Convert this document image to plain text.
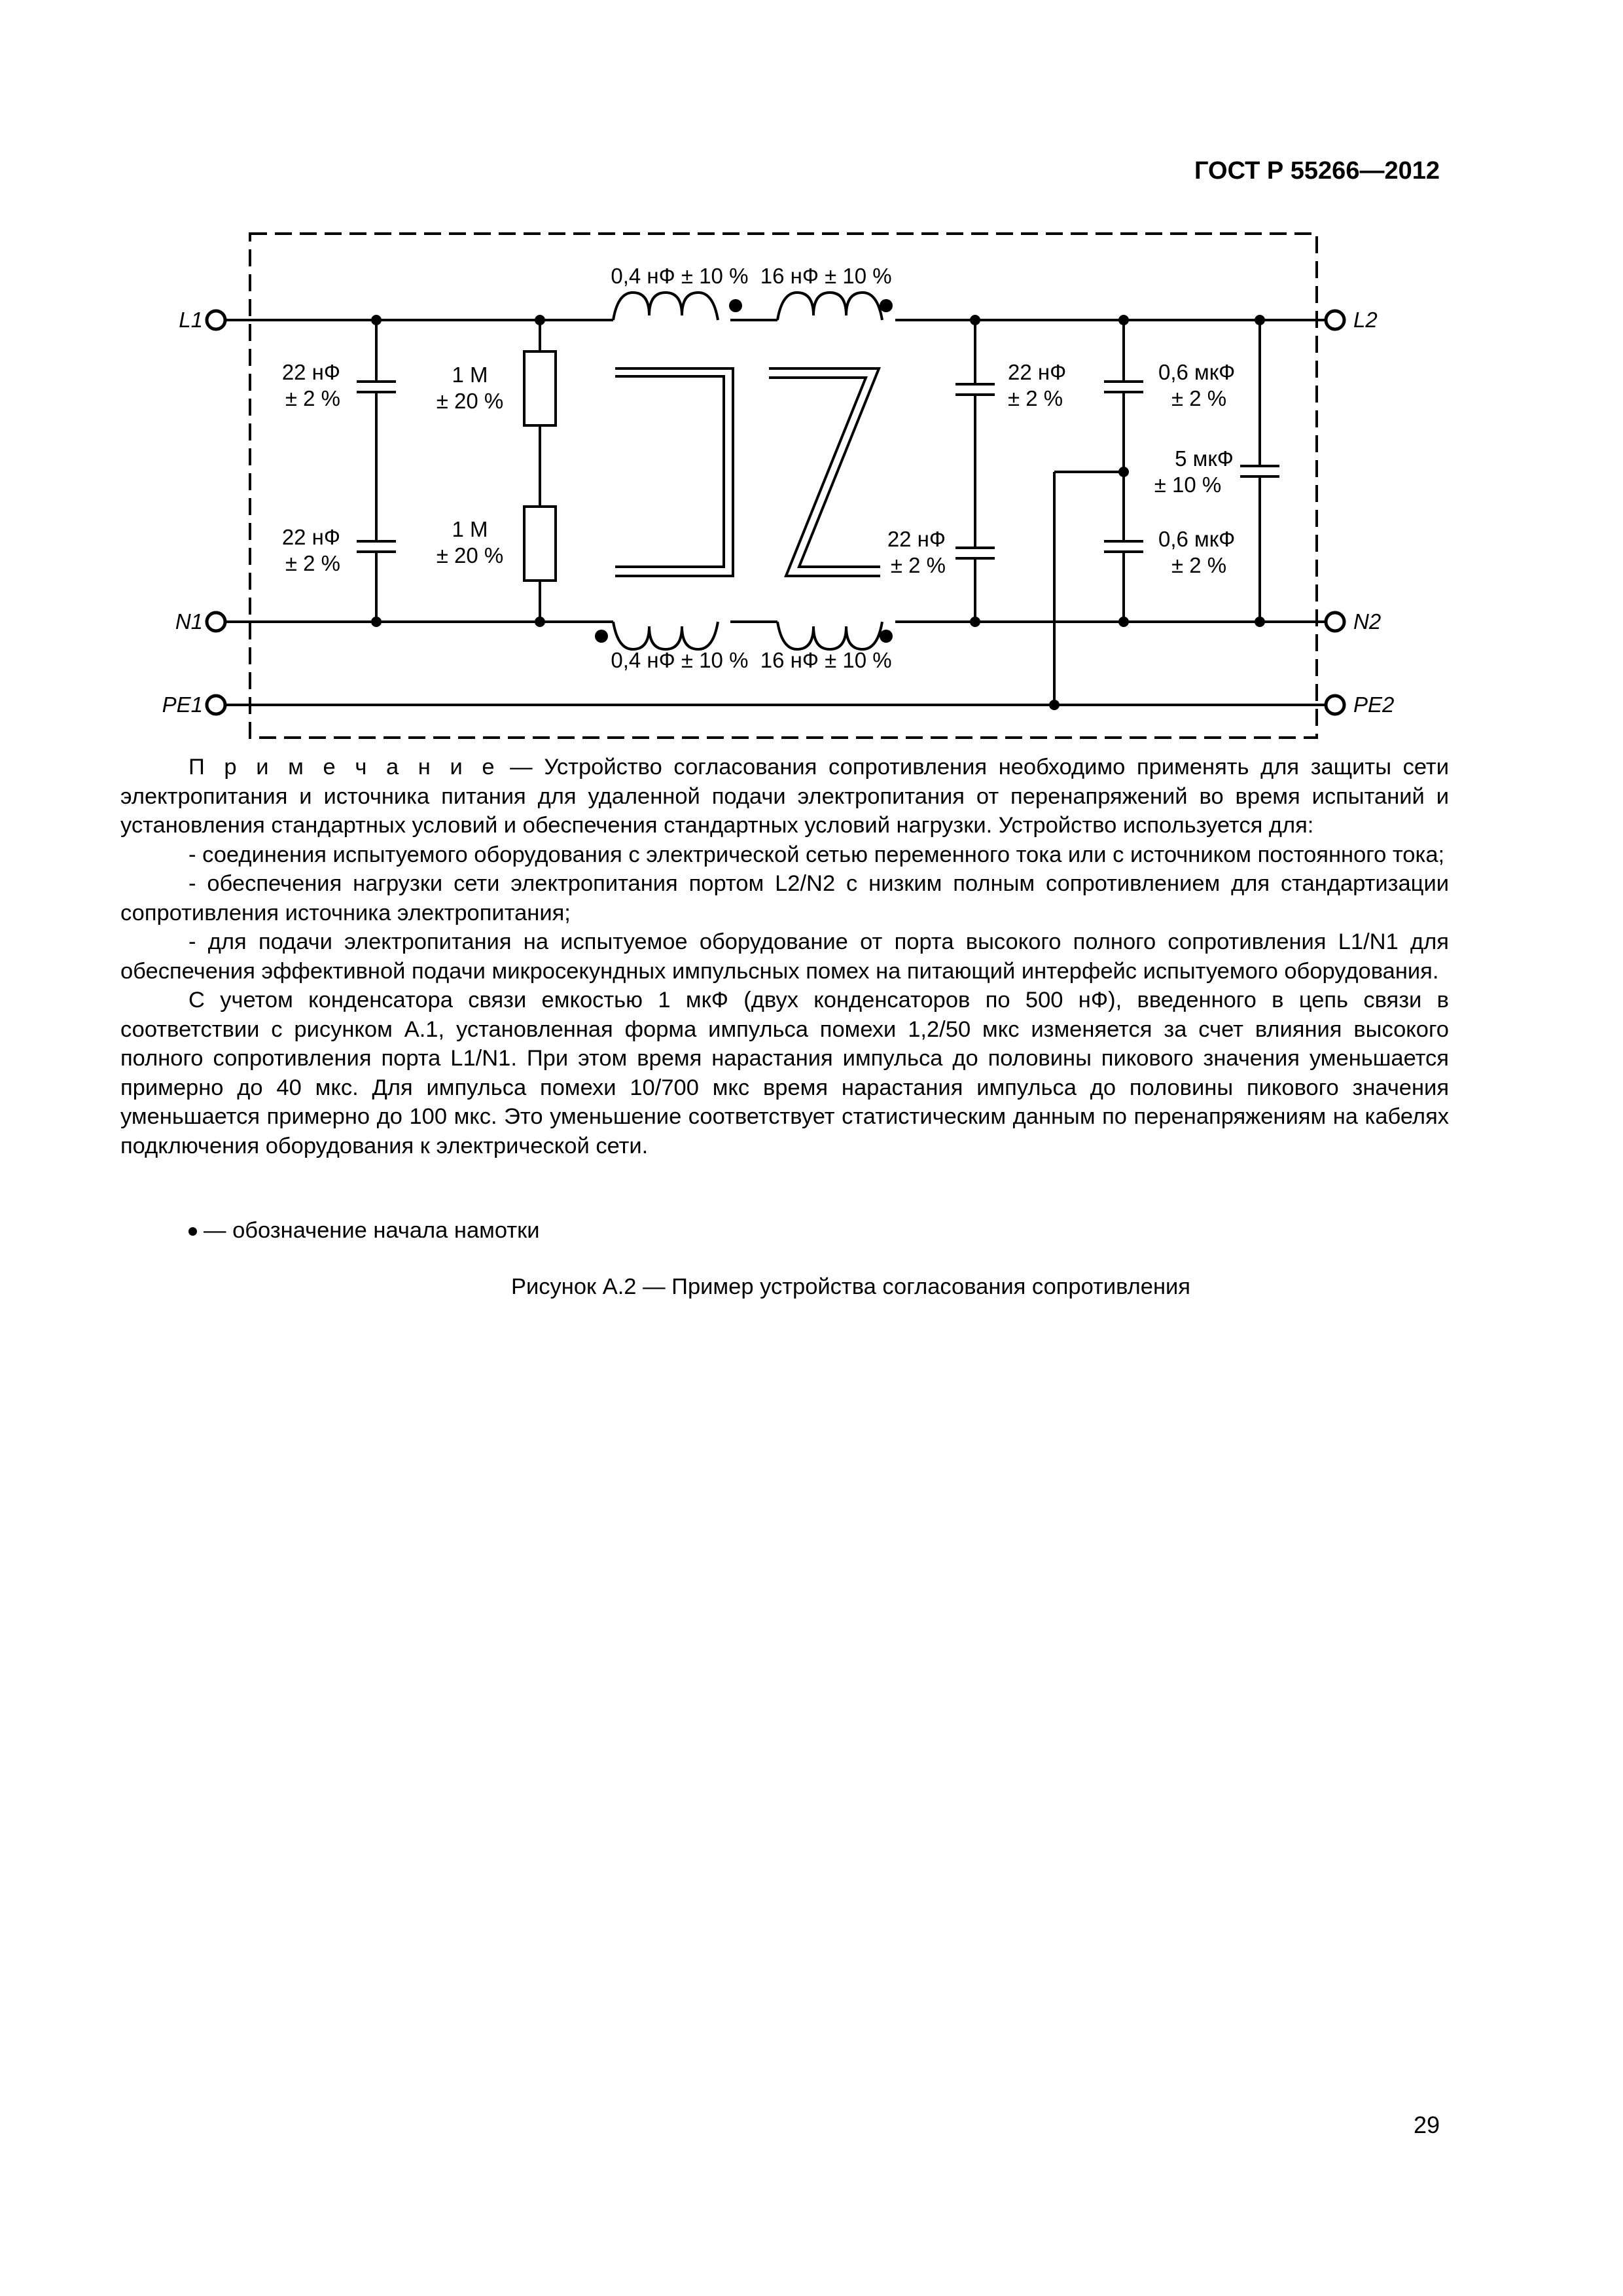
ГОСТ Р 55266—2012
L1
N1
PE1
L2
N2
PE2
22 нФ
± 2 %
22 нФ
± 2 %
1 М
± 20 %
1 М
± 20 %
0,4 нФ ± 10 %  16 нФ ± 10 %
0,4 нФ ± 10 %  16 нФ ± 10 %
22 нФ
± 2 %
22 нФ
± 2 %
0,6 мкФ
± 2 %
0,6 мкФ
± 2 %
5 мкФ
± 10 %

П р и м е ч а н и е — Устройство согласования сопротивления необходимо применять для защиты сети электропитания и источника питания для удаленной подачи электропитания от перенапряжений во время испытаний и установления стандартных условий и обеспечения стандартных условий нагрузки. Устройство используется для:

- соединения испытуемого оборудования с электрической сетью переменного тока или с источником постоянного тока;

- обеспечения нагрузки сети электропитания портом L2/N2 с низким полным сопротивлением для стандартизации сопротивления источника электропитания;

- для подачи электропитания на испытуемое оборудование от порта высокого полного сопротивления L1/N1 для обеспечения эффективной подачи микросекундных импульсных помех на питающий интерфейс испытуемого оборудования.

С учетом конденсатора связи емкостью 1 мкФ (двух конденсаторов по 500 нФ), введенного в цепь связи в соответствии с рисунком А.1, установленная форма импульса помехи 1,2/50 мкс изменяется за счет влияния высокого полного сопротивления порта L1/N1. При этом время нарастания импульса до половины пикового значения уменьшается примерно до 40 мкс. Для импульса помехи 10/700 мкс время нарастания импульса до половины пикового значения уменьшается примерно до 100 мкс. Это уменьшение соответствует статистическим данным по перенапряжениям на кабелях подключения оборудования к электрической сети.

— обозначение начала намотки
Рисунок А.2 — Пример устройства согласования сопротивления
29
